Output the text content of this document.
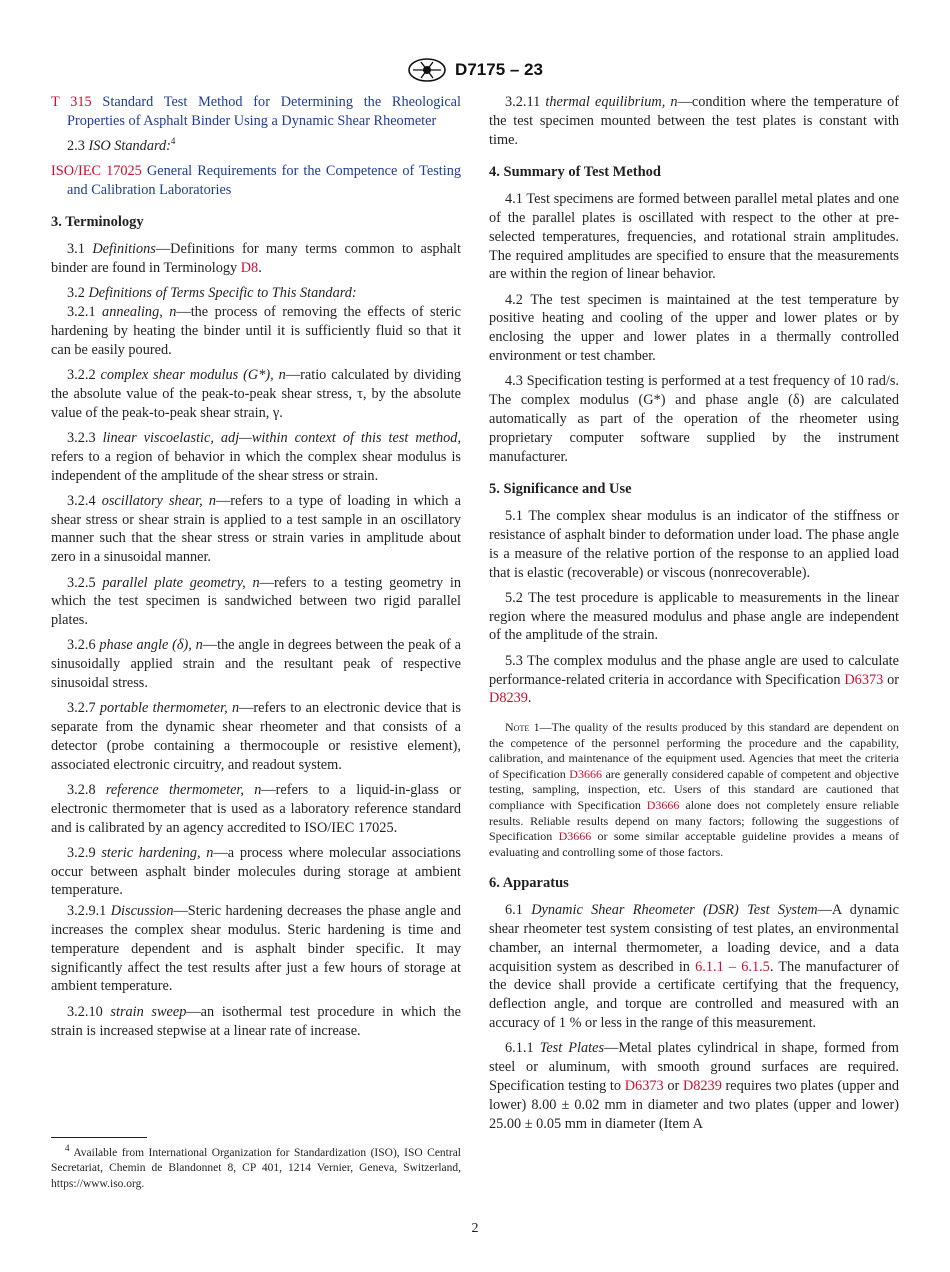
D7175 – 23

T 315 Standard Test Method for Determining the Rheological Properties of Asphalt Binder Using a Dynamic Shear Rheometer

2.3 ISO Standard:$^4$

ISO/IEC 17025 General Requirements for the Competence of Testing and Calibration Laboratories

3. Terminology

3.1 Definitions—Definitions for many terms common to asphalt binder are found in Terminology D8.

3.2 Definitions of Terms Specific to This Standard:

3.2.1 annealing, n—the process of removing the effects of steric hardening by heating the binder until it is sufficiently fluid so that it can be easily poured.

3.2.2 complex shear modulus (G*), n—ratio calculated by dividing the absolute value of the peak-to-peak shear stress, τ, by the absolute value of the peak-to-peak shear strain, γ.

3.2.3 linear viscoelastic, adj—within context of this test method, refers to a region of behavior in which the complex shear modulus is independent of the amplitude of the shear stress or strain.

3.2.4 oscillatory shear, n—refers to a type of loading in which a shear stress or shear strain is applied to a test sample in an oscillatory manner such that the shear stress or strain varies in amplitude about zero in a sinusoidal manner.

3.2.5 parallel plate geometry, n—refers to a testing geometry in which the test specimen is sandwiched between two rigid parallel plates.

3.2.6 phase angle (δ), n—the angle in degrees between the peak of a sinusoidally applied strain and the resultant peak of respective sinusoidal stress.

3.2.7 portable thermometer, n—refers to an electronic device that is separate from the dynamic shear rheometer and that consists of a detector (probe containing a thermocouple or resistive element), associated electronic circuitry, and readout system.

3.2.8 reference thermometer, n—refers to a liquid-in-glass or electronic thermometer that is used as a laboratory reference standard and is calibrated by an agency accredited to ISO/IEC 17025.

3.2.9 steric hardening, n—a process where molecular associations occur between asphalt binder molecules during storage at ambient temperature.

3.2.9.1 Discussion—Steric hardening decreases the phase angle and increases the complex shear modulus. Steric hardening is time and temperature dependent and is asphalt binder specific. It may significantly affect the test results after just a few hours of storage at ambient temperature.

3.2.10 strain sweep—an isothermal test procedure in which the strain is increased stepwise at a linear rate of increase.

$^4$ Available from International Organization for Standardization (ISO), ISO Central Secretariat, Chemin de Blandonnet 8, CP 401, 1214 Vernier, Geneva, Switzerland, https://www.iso.org.

3.2.11 thermal equilibrium, n—condition where the temperature of the test specimen mounted between the test plates is constant with time.

4. Summary of Test Method

4.1 Test specimens are formed between parallel metal plates and one of the parallel plates is oscillated with respect to the other at pre-selected temperatures, frequencies, and rotational strain amplitudes. The required amplitudes are specified to ensure that the measurements are within the region of linear behavior.

4.2 The test specimen is maintained at the test temperature by positive heating and cooling of the upper and lower plates or by enclosing the upper and lower plates in a thermally controlled environment or test chamber.

4.3 Specification testing is performed at a test frequency of 10 rad/s. The complex modulus (G*) and phase angle (δ) are calculated automatically as part of the operation of the rheometer using proprietary computer software supplied by the instrument manufacturer.

5. Significance and Use

5.1 The complex shear modulus is an indicator of the stiffness or resistance of asphalt binder to deformation under load. The phase angle is a measure of the relative portion of the response to an applied load that is elastic (recoverable) or viscous (nonrecoverable).

5.2 The test procedure is applicable to measurements in the linear region where the measured modulus and phase angle are independent of the amplitude of the strain.

5.3 The complex modulus and the phase angle are used to calculate performance-related criteria in accordance with Specification D6373 or D8239.

Note 1—The quality of the results produced by this standard are dependent on the competence of the personnel performing the procedure and the capability, calibration, and maintenance of the equipment used. Agencies that meet the criteria of Specification D3666 are generally considered capable of competent and objective testing, sampling, inspection, etc. Users of this standard are cautioned that compliance with Specification D3666 alone does not completely ensure reliable results. Reliable results depend on many factors; following the suggestions of Specification D3666 or some similar acceptable guideline provides a means of evaluating and controlling some of those factors.

6. Apparatus

6.1 Dynamic Shear Rheometer (DSR) Test System—A dynamic shear rheometer test system consisting of test plates, an environmental chamber, an internal thermometer, a loading device, and a data acquisition system as described in 6.1.1 – 6.1.5. The manufacturer of the device shall provide a certificate certifying that the frequency, deflection angle, and torque are controlled and measured with an accuracy of 1 % or less in the range of this measurement.

6.1.1 Test Plates—Metal plates cylindrical in shape, formed from steel or aluminum, with smooth ground surfaces are required. Specification testing to D6373 or D8239 requires two plates (upper and lower) 8.00 ± 0.02 mm in diameter and two plates (upper and lower) 25.00 ± 0.05 mm in diameter (Item A

2
